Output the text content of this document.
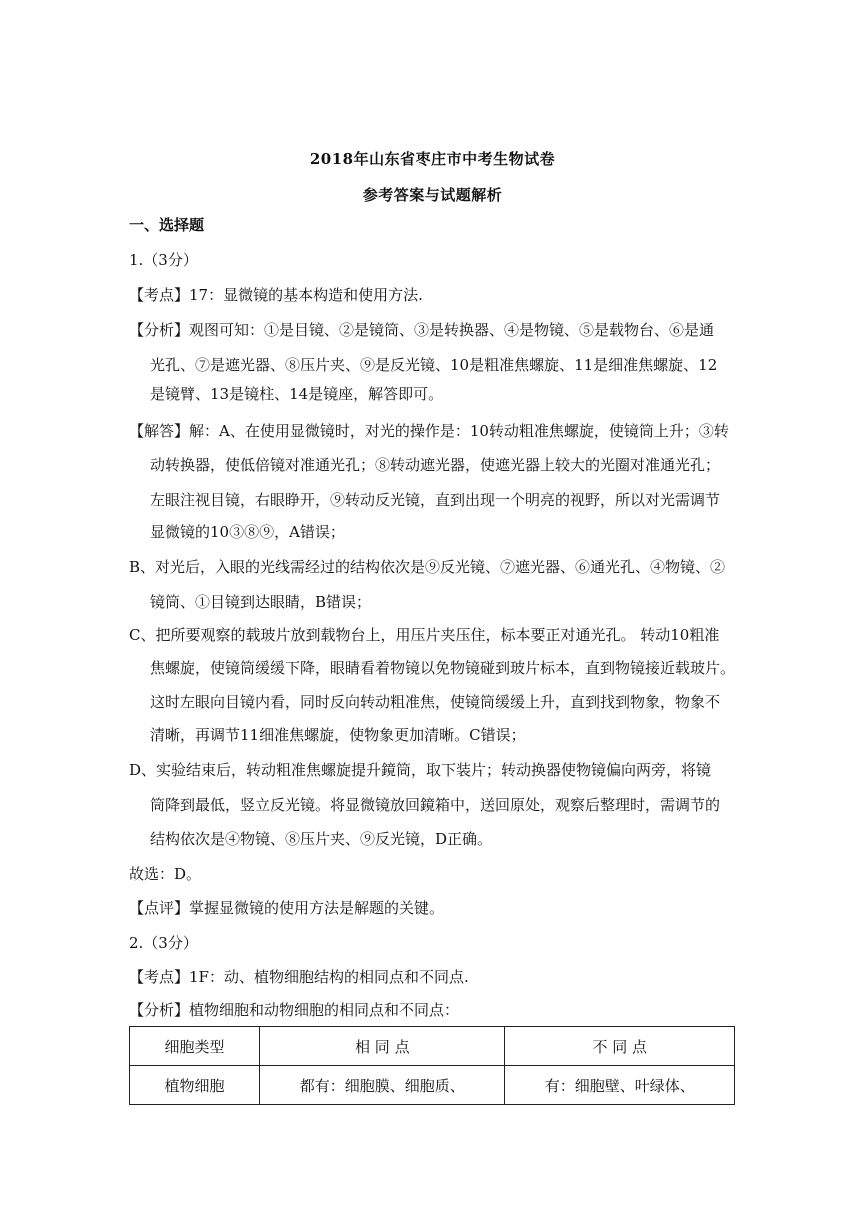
2018年山东省枣庄市中考生物试卷
参考答案与试题解析
一、选择题
1.（3分）
【考点】17：显微镜的基本构造和使用方法.
【分析】观图可知：①是目镜、②是镜筒、③是转换器、④是物镜、⑤是载物台、⑥是通
光孔、⑦是遮光器、⑧压片夹、⑨是反光镜、10是粗准焦螺旋、11是细准焦螺旋、12
是镜臂、13是镜柱、14是镜座，解答即可。
【解答】解：A、在使用显微镜时，对光的操作是：10转动粗准焦螺旋，使镜筒上升；③转
动转换器，使低倍镜对准通光孔；⑧转动遮光器，使遮光器上较大的光圈对准通光孔；
左眼注视目镜，右眼睁开，⑨转动反光镜，直到出现一个明亮的视野，所以对光需调节
显微镜的10③⑧⑨，A错误；
B、对光后，入眼的光线需经过的结构依次是⑨反光镜、⑦遮光器、⑥通光孔、④物镜、②
镜筒、①目镜到达眼睛，B错误；
C、把所要观察的载玻片放到载物台上，用压片夹压住，标本要正对通光孔。 转动10粗准
焦螺旋，使镜筒缓缓下降，眼睛看着物镜以免物镜碰到玻片标本，直到物镜接近载玻片。
这时左眼向目镜内看，同时反向转动粗准焦，使镜筒缓缓上升，直到找到物象，物象不
清晰，再调节11细准焦螺旋，使物象更加清晰。C错误；
D、实验结束后，转动粗准焦螺旋提升鏡筒，取下装片；转动换器使物镜偏向两旁，将镜
筒降到最低，竖立反光镜。将显微镜放回鏡箱中，送回原处，观察后整理时，需调节的
结构依次是④物镜、⑧压片夹、⑨反光镜，D正确。
故选：D。
【点评】掌握显微镜的使用方法是解题的关键。
2.（3分）
【考点】1F：动、植物细胞结构的相同点和不同点.
【分析】植物细胞和动物细胞的相同点和不同点：
细胞类型	相 同 点	不 同 点
植物细胞	都有：细胞膜、细胞质、	有：细胞壁、叶绿体、
